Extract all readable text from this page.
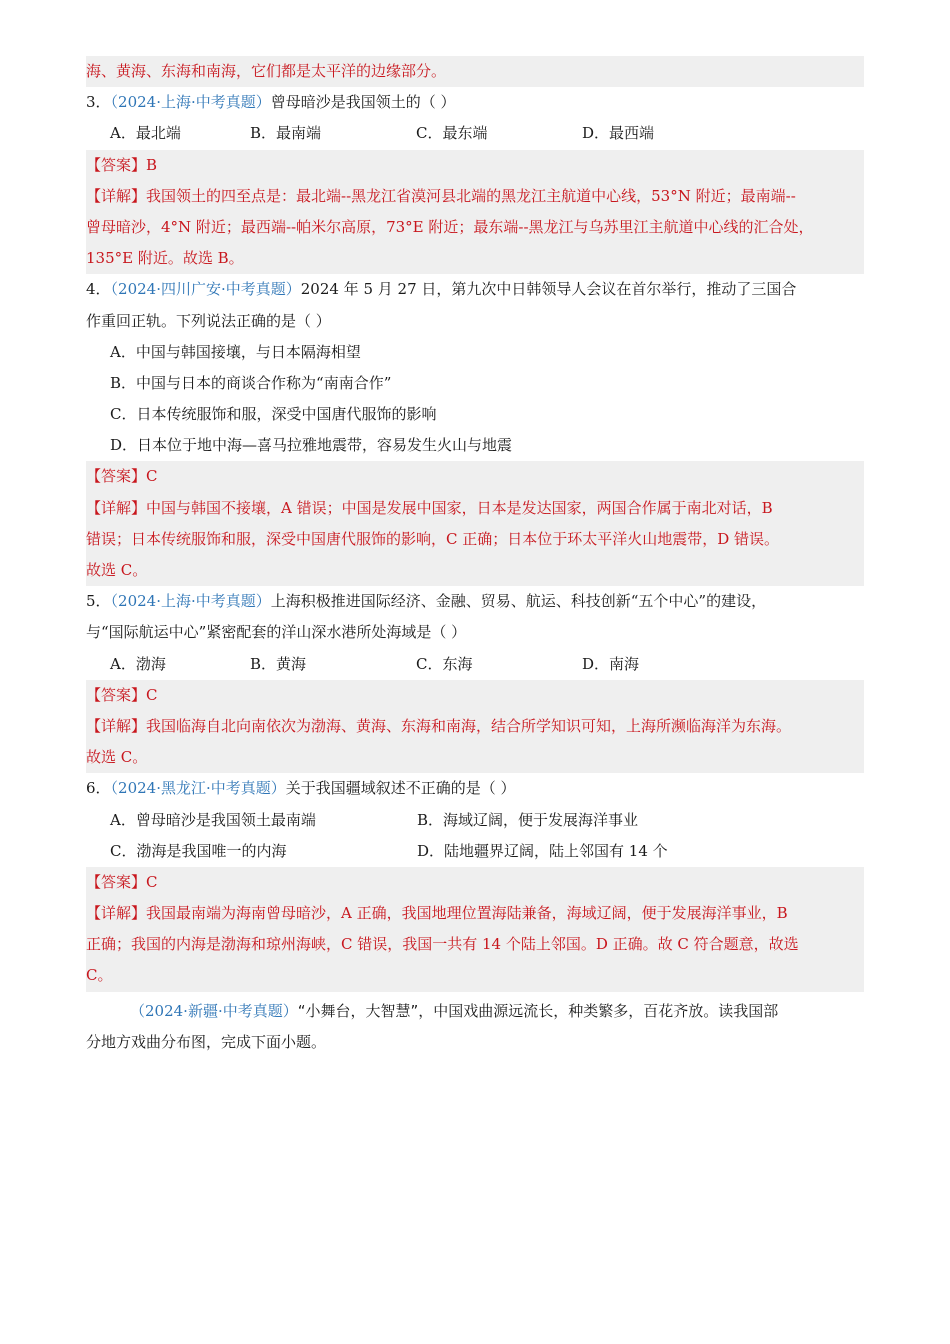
海、黄海、东海和南海，它们都是太平洋的边缘部分。
3．（2024·上海·中考真题）曾母暗沙是我国领土的（ ）
A．最北端	B．最南端	C．最东端	D．最西端
【答案】B
【详解】我国领土的四至点是：最北端--黑龙江省漠河县北端的黑龙江主航道中心线，53°N 附近；最南端--
曾母暗沙，4°N 附近；最西端--帕米尔高原，73°E 附近；最东端--黑龙江与乌苏里江主航道中心线的汇合处，
135°E 附近。故选 B。
4．（2024·四川广安·中考真题）2024 年 5 月 27 日，第九次中日韩领导人会议在首尔举行，推动了三国合
作重回正轨。下列说法正确的是（ ）
A．中国与韩国接壤，与日本隔海相望
B．中国与日本的商谈合作称为“南南合作”
C．日本传统服饰和服，深受中国唐代服饰的影响
D．日本位于地中海—喜马拉雅地震带，容易发生火山与地震
【答案】C
【详解】中国与韩国不接壤，A 错误；中国是发展中国家，日本是发达国家，两国合作属于南北对话，B
错误；日本传统服饰和服，深受中国唐代服饰的影响，C 正确；日本位于环太平洋火山地震带，D 错误。
故选 C。
5．（2024·上海·中考真题）上海积极推进国际经济、金融、贸易、航运、科技创新“五个中心”的建设，
与“国际航运中心”紧密配套的洋山深水港所处海域是（ ）
A．渤海	B．黄海	C．东海	D．南海
【答案】C
【详解】我国临海自北向南依次为渤海、黄海、东海和南海，结合所学知识可知，上海所濒临海洋为东海。
故选 C。
6．（2024·黑龙江·中考真题）关于我国疆域叙述不正确的是（ ）
A．曾母暗沙是我国领土最南端	B．海域辽阔，便于发展海洋事业
C．渤海是我国唯一的内海	D．陆地疆界辽阔，陆上邻国有 14 个
【答案】C
【详解】我国最南端为海南曾母暗沙，A 正确，我国地理位置海陆兼备，海域辽阔，便于发展海洋事业，B
正确；我国的内海是渤海和琼州海峡，C 错误，我国一共有 14 个陆上邻国。D 正确。故 C 符合题意，故选
C。
（2024·新疆·中考真题）“小舞台，大智慧”，中国戏曲源远流长，种类繁多，百花齐放。读我国部
分地方戏曲分布图，完成下面小题。
